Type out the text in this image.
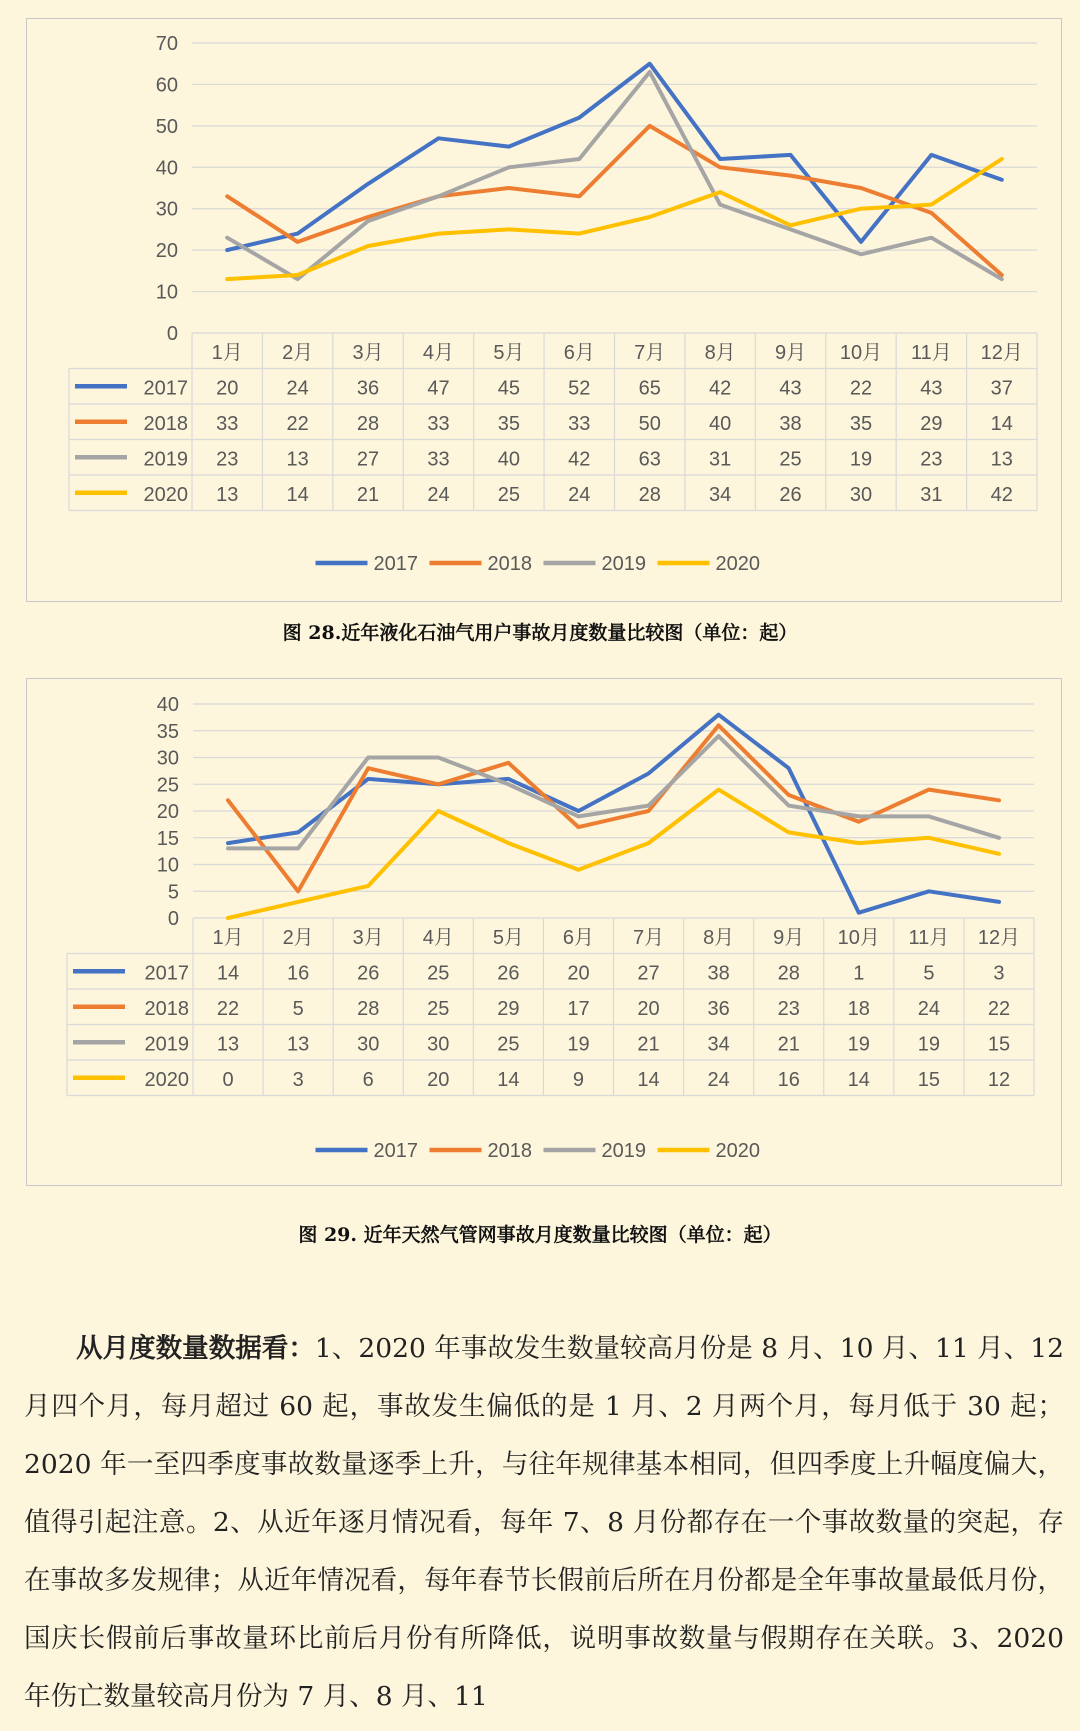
0
10
20
30
40
50
60
70
1月 2月 3月 4月 5月 6月 7月 8月 9月 10月 11月 12月
2017 20 24 36 47 45 52 65 42 43 22 43 37
2018 33 22 28 33 35 33 50 40 38 35 29 14
2019 23 13 27 33 40 42 63 31 25 19 23 13
2020 13 14 21 24 25 24 28 34 26 30 31 42
2017	2018	2019	2020
图 28.近年液化石油气用户事故月度数量比较图（单位：起）
0
5
10
15
20
25
30
35
40
1月 2月 3月 4月 5月 6月 7月 8月 9月 10月 11月 12月
2017 14 16 26 25 26 20 27 38 28	1	5	3
2018 22	5	28 25 29 17 20 36 23 18 24 22
2019 13 13 30 30 25 19 21 34 21 19 19 15
2020 0	3	6	20 14	9	14 24 16 14 15 12
2017	2018	2019	2020
图 29. 近年天然气管网事故月度数量比较图（单位：起）
从月度数量数据看：1、2020 年事故发生数量较高月份是 8 月、10 月、11 月、12 月四个月，每月超过 60 起，事故发生偏低的是 1 月、2 月两个月，每月低于 30 起；2020 年一至四季度事故数量逐季上升，与往年规律基本相同，但四季度上升幅度偏大，值得引起注意。2、从近年逐月情况看，每年 7、8 月份都存在一个事故数量的突起，存在事故多发规律；从近年情况看，每年春节长假前后所在月份都是全年事故量最低月份，国庆长假前后事故量环比前后月份有所降低，说明事故数量与假期存在关联。3、2020 年伤亡数量较高月份为 7 月、8 月、11
